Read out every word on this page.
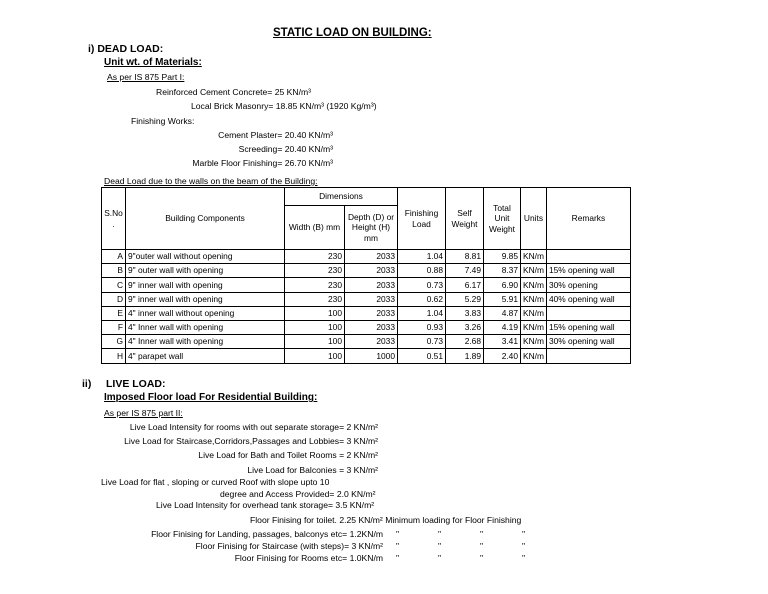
STATIC LOAD ON BUILDING:
i) DEAD LOAD:
Unit wt. of Materials:
As per IS 875 Part I:
Reinforced Cement Concrete= 25 KN/m³
Local Brick Masonry= 18.85 KN/m³ (1920 Kg/m³)
Finishing Works:
Cement Plaster= 20.40 KN/m³
Screeding= 20.40 KN/m³
Marble Floor Finishing= 26.70 KN/m³
Dead Load due to the walls on the beam of the Building:
S.No .	Building Components	Dimensions		Finishing Load	Self Weight	Total Unit Weight	Units	Remarks
		Width (B) mm	Depth (D) or Height (H) mm					
A	9"outer wall without opening	230	2033	1.04	8.81	9.85	KN/m	
B	9" outer wall with opening	230	2033	0.88	7.49	8.37	KN/m	15% opening wall
C	9" inner wall with opening	230	2033	0.73	6.17	6.90	KN/m	30% opening
D	9" inner wall with opening	230	2033	0.62	5.29	5.91	KN/m	40% opening wall
E	4" inner wall without opening	100	2033	1.04	3.83	4.87	KN/m	
F	4" Inner wall with opening	100	2033	0.93	3.26	4.19	KN/m	15% opening wall
G	4" Inner wall with opening	100	2033	0.73	2.68	3.41	KN/m	30% opening wall
H	4" parapet wall	100	1000	0.51	1.89	2.40	KN/m	
ii) LIVE LOAD:
Imposed Floor load For Residential Building:
As per IS 875 part II:
Live Load Intensity for rooms with out separate storage= 2 KN/m²
Live Load for Staircase,Corridors,Passages and Lobbies= 3 KN/m²
Live Load for Bath and Toilet Rooms = 2 KN/m²
Live Load for Balconies = 3 KN/m²
Live Load for flat , sloping or curved Roof with slope upto 10
degree and Access Provided= 2.0 KN/m²
Live Load Intensity for overhead tank storage= 3.5 KN/m²
Floor Finising for toilet. 2.25 KN/m² Minimum loading for Floor Finishing
Floor Finising for Landing, passages, balconys etc= 1.2KN/m "	"	"	"
Floor Finising for Staircase (with steps)= 3 KN/m² "	"	"	"
Floor Finising for Rooms etc= 1.0KN/m "	"	"	"
